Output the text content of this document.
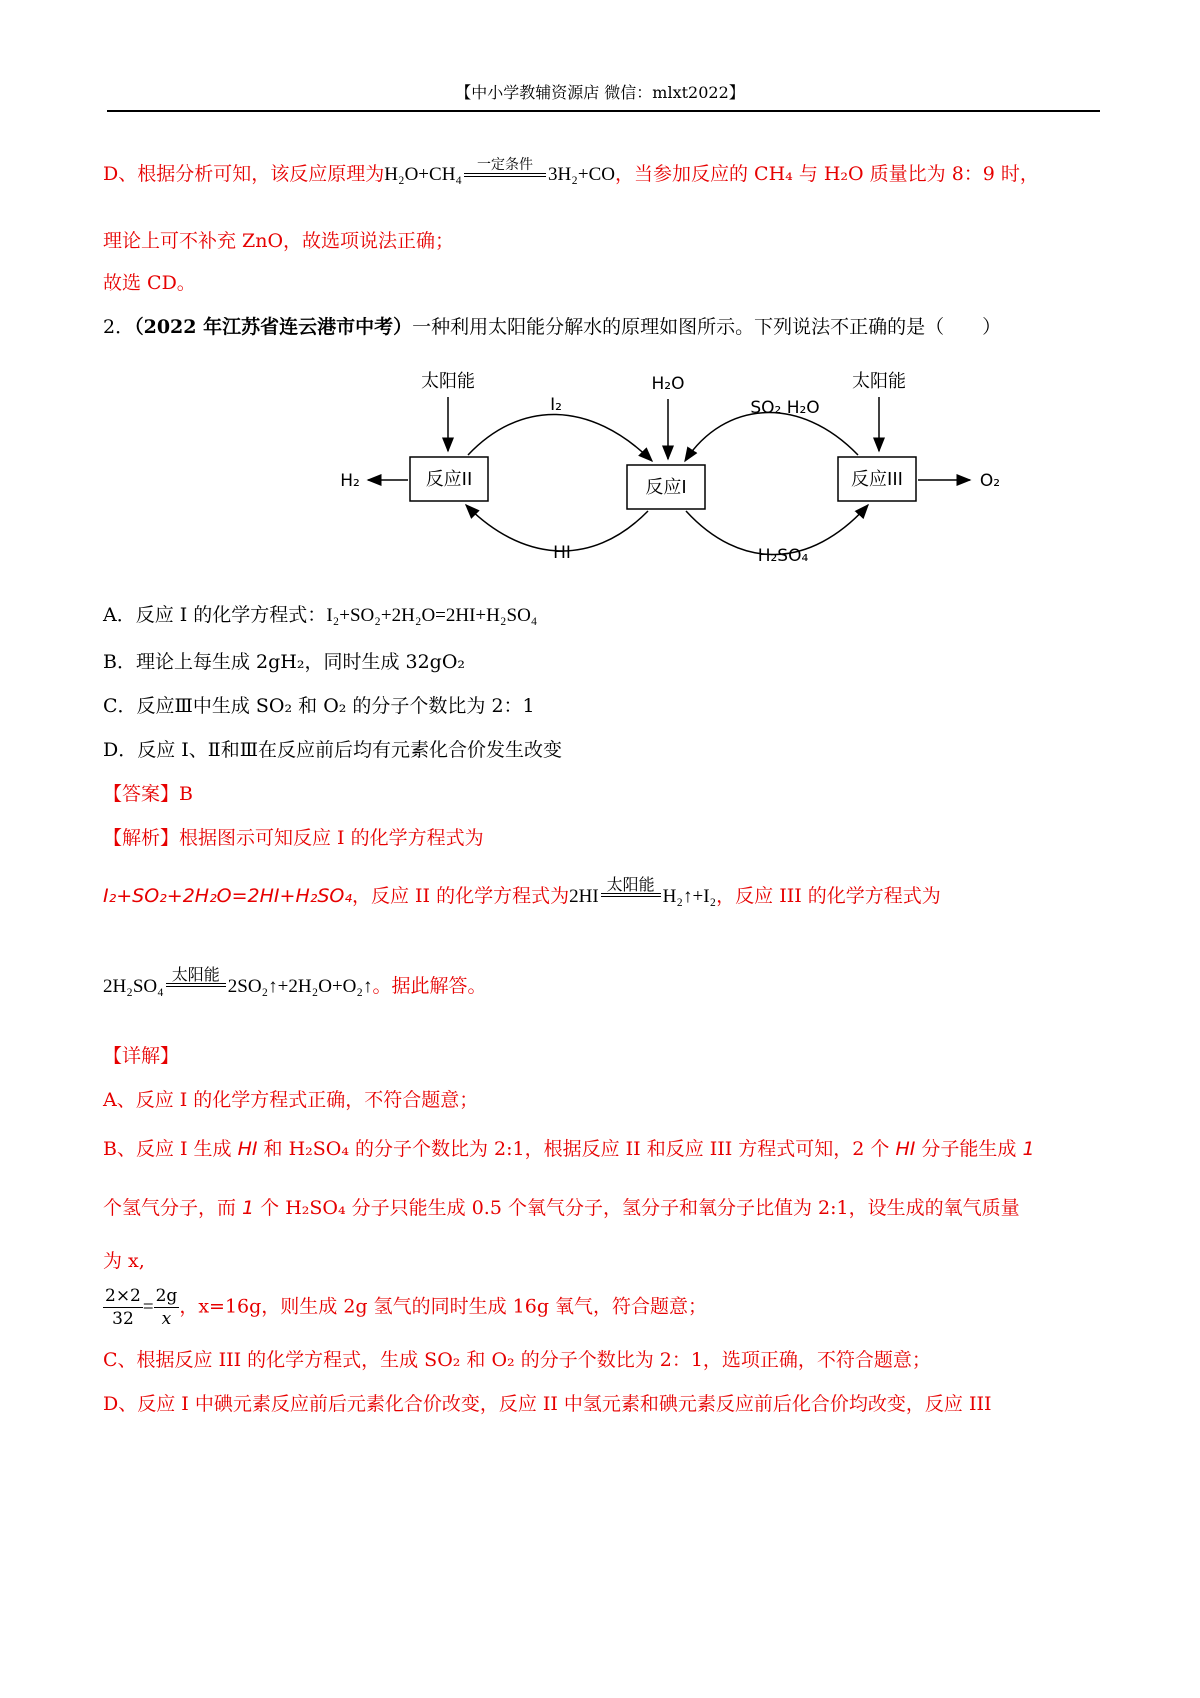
【中小学教辅资源店 微信：mlxt2022】
D、根据分析可知，该反应原理为H₂O+CH₄	一定条件 3H₂+CO，当参加反应的 CH₄ 与 H₂O 质量比为 8：9 时，
理论上可不补充 ZnO，故选项说法正确；
故选 CD。
2．（2022 年江苏省连云港市中考）一种利用太阳能分解水的原理如图所示。下列说法不正确的是（　　）
反应II	反应I	反应III
太阳能	太阳能
H₂O
I₂	SO₂ H₂O
HI	H₂SO₄
H₂	O₂
A．反应 I 的化学方程式：I₂+SO₂+2H₂O=2HI+H₂SO₄
B．理论上每生成 2gH₂，同时生成 32gO₂
C．反应Ⅲ中生成 SO₂ 和 O₂ 的分子个数比为 2：1
D．反应 I、Ⅱ和Ⅲ在反应前后均有元素化合价发生改变
【答案】B
【解析】根据图示可知反应 I 的化学方程式为
I₂+SO₂+2H₂O=2HI+H₂SO₄，反应 II 的化学方程式为2HI
太阳能
H₂↑+I₂，反应 III 的化学方程式为
2H₂SO₄
太阳能
2SO₂↑+2H₂O+O₂↑。据此解答。
【详解】
A、反应 I 的化学方程式正确，不符合题意；
B、反应 I 生成 HI 和 H₂SO₄ 的分子个数比为 2:1，根据反应 II 和反应 III 方程式可知，2 个 HI 分子能生成 1
个氢气分子，而 1 个 H₂SO₄ 分子只能生成 0.5 个氧气分子，氢分子和氧分子比值为 2:1，设生成的氧气质量
为 x,
$\frac{2\times 2}{32} = \frac{2g}{x}$ ，x=16g，则生成 2g 氢气的同时生成 16g 氧气，符合题意；
C、根据反应 III 的化学方程式，生成 SO₂ 和 O₂ 的分子个数比为 2：1，选项正确，不符合题意；
D、反应 I 中碘元素反应前后元素化合价改变，反应 II 中氢元素和碘元素反应前后化合价均改变，反应 III
